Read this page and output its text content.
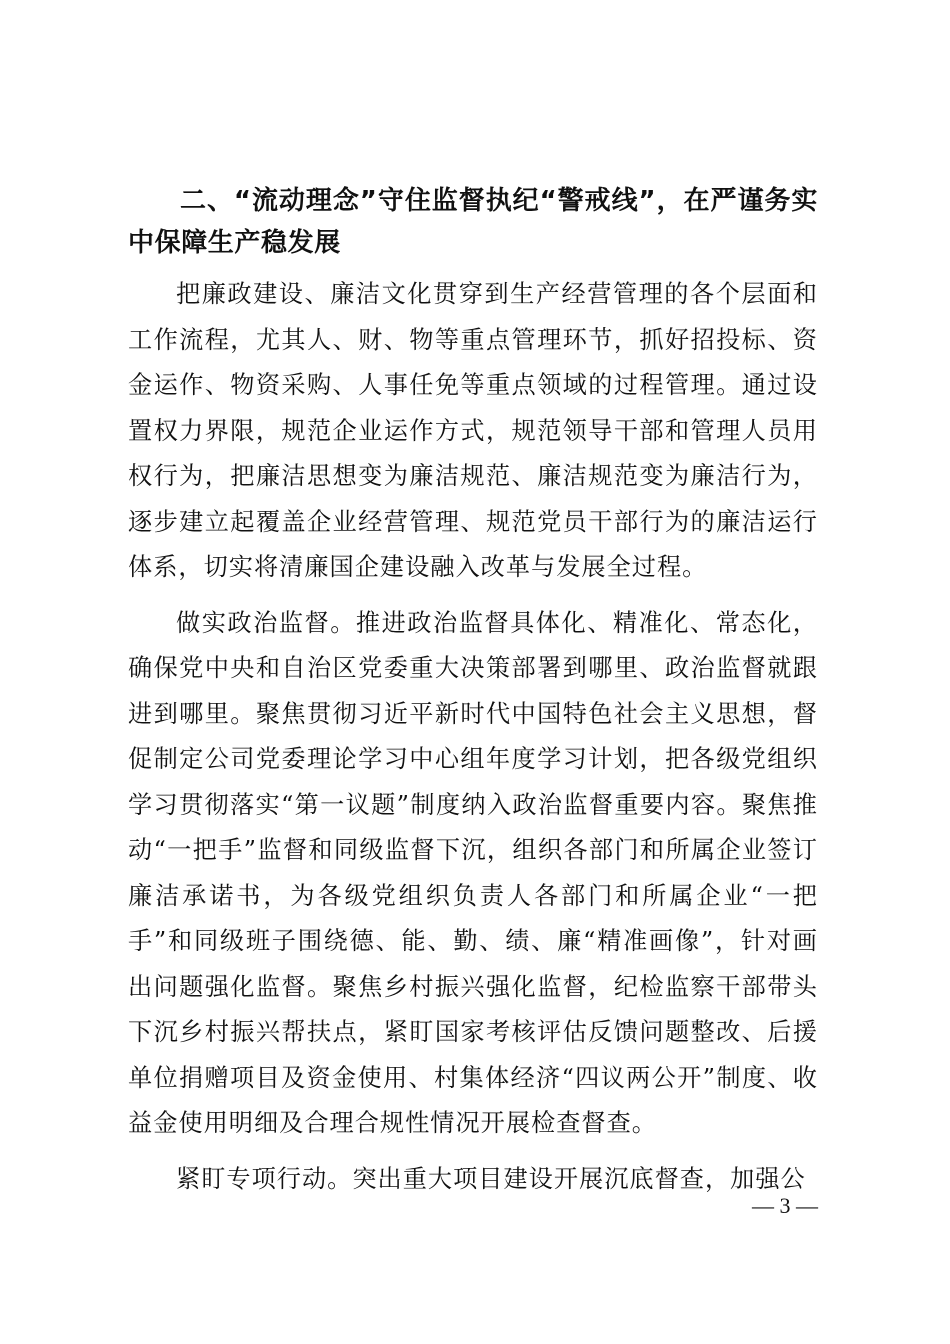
二、“流动理念”守住监督执纪“警戒线”，在严谨务实中保障生产稳发展

把廉政建设、廉洁文化贯穿到生产经营管理的各个层面和工作流程，尤其人、财、物等重点管理环节，抓好招投标、资金运作、物资采购、人事任免等重点领域的过程管理。通过设置权力界限，规范企业运作方式，规范领导干部和管理人员用权行为，把廉洁思想变为廉洁规范、廉洁规范变为廉洁行为，逐步建立起覆盖企业经营管理、规范党员干部行为的廉洁运行体系，切实将清廉国企建设融入改革与发展全过程。

做实政治监督。推进政治监督具体化、精准化、常态化，确保党中央和自治区党委重大决策部署到哪里、政治监督就跟进到哪里。聚焦贯彻习近平新时代中国特色社会主义思想，督促制定公司党委理论学习中心组年度学习计划，把各级党组织学习贯彻落实“第一议题”制度纳入政治监督重要内容。聚焦推动“一把手”监督和同级监督下沉，组织各部门和所属企业签订廉洁承诺书，为各级党组织负责人各部门和所属企业“一把手”和同级班子围绕德、能、勤、绩、廉“精准画像”，针对画出问题强化监督。聚焦乡村振兴强化监督，纪检监察干部带头下沉乡村振兴帮扶点，紧盯国家考核评估反馈问题整改、后援单位捐赠项目及资金使用、村集体经济“四议两公开”制度、收益金使用明细及合理合规性情况开展检查督查。

紧盯专项行动。突出重大项目建设开展沉底督查，加强公

— 3 —
